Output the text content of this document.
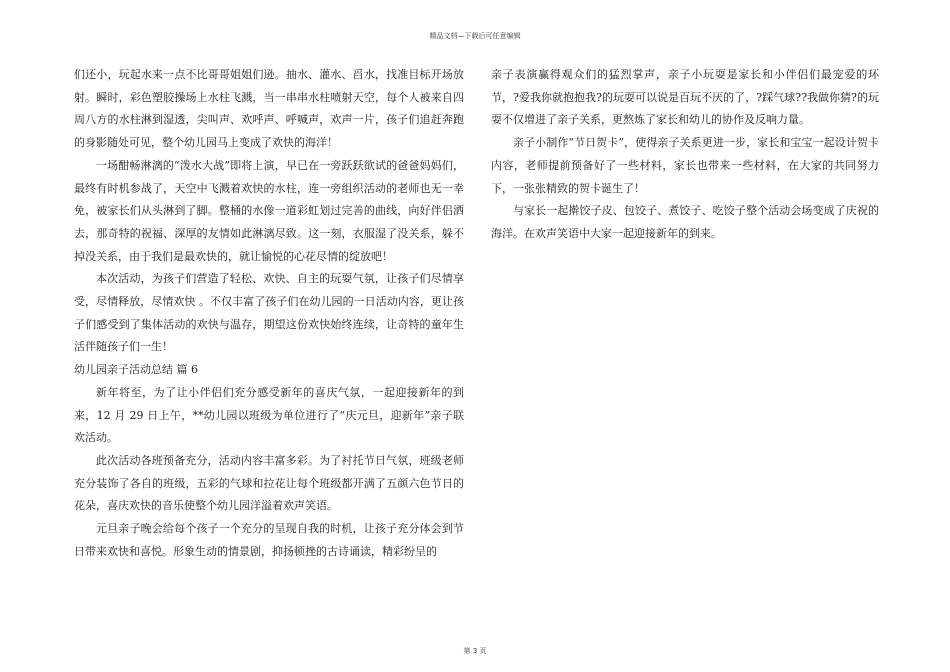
精品文档—下载后可任意编辑

们还小，玩起水来一点不比哥哥姐姐们逊。抽水、灌水、舀水，找准目标开场放射。瞬时，彩色塑胶操场上水柱飞溅，当一串串水柱喷射天空，每个人被来自四周八方的水柱淋到湿透，尖叫声、欢呼声、呼喊声，欢声一片，孩子们追赶奔跑的身影随处可见，整个幼儿园马上变成了欢快的海洋！

一场酣畅淋漓的“泼水大战”即将上演，早已在一旁跃跃欲试的爸爸妈妈们，最终有时机参战了，天空中飞溅着欢快的水柱，连一旁组织活动的老师也无一幸免，被家长们从头淋到了脚。整桶的水像一道彩虹划过完善的曲线，向好伴侣洒去，那奇特的祝福、深厚的友情如此淋漓尽致。这一刻，衣服湿了没关系，躲不掉没关系，由于我们是最欢快的，就让愉悦的心花尽情的绽放吧！

本次活动，为孩子们营造了轻松、欢快、自主的玩耍气氛，让孩子们尽情享受，尽情释放，尽情欢快 。不仅丰富了孩子们在幼儿园的一日活动内容，更让孩子们感受到了集体活动的欢快与温存，期望这份欢快始终连续，让奇特的童年生活伴随孩子们一生！

幼儿园亲子活动总结 篇 6

新年将至，为了让小伴侣们充分感受新年的喜庆气氛，一起迎接新年的到来，12 月 29 日上午，**幼儿园以班级为单位进行了“庆元旦，迎新年”亲子联欢活动。

此次活动各班预备充分，活动内容丰富多彩。为了衬托节日气氛，班级老师充分装饰了各自的班级，五彩的气球和拉花让每个班级都开满了五颜六色节日的花朵，喜庆欢快的音乐使整个幼儿园洋溢着欢声笑语。

元旦亲子晚会给每个孩子一个充分的呈现自我的时机，让孩子充分体会到节日带来欢快和喜悦。形象生动的情景剧，抑扬顿挫的古诗诵读，精彩纷呈的

亲子表演赢得观众们的猛烈掌声，亲子小玩耍是家长和小伴侣们最宠爱的环节，?爱我你就抱抱我?的玩耍可以说是百玩不厌的了，?踩气球??我做你猜?的玩耍不仅增进了亲子关系，更熬炼了家长和幼儿的协作及反响力量。

亲子小制作“节日贺卡”，使得亲子关系更进一步，家长和宝宝一起设计贺卡内容，老师提前预备好了一些材料，家长也带来一些材料，在大家的共同努力下，一张张精致的贺卡诞生了！

与家长一起擀饺子皮、包饺子、煮饺子、吃饺子整个活动会场变成了庆祝的海洋。在欢声笑语中大家一起迎接新年的到来。

第 3 页
